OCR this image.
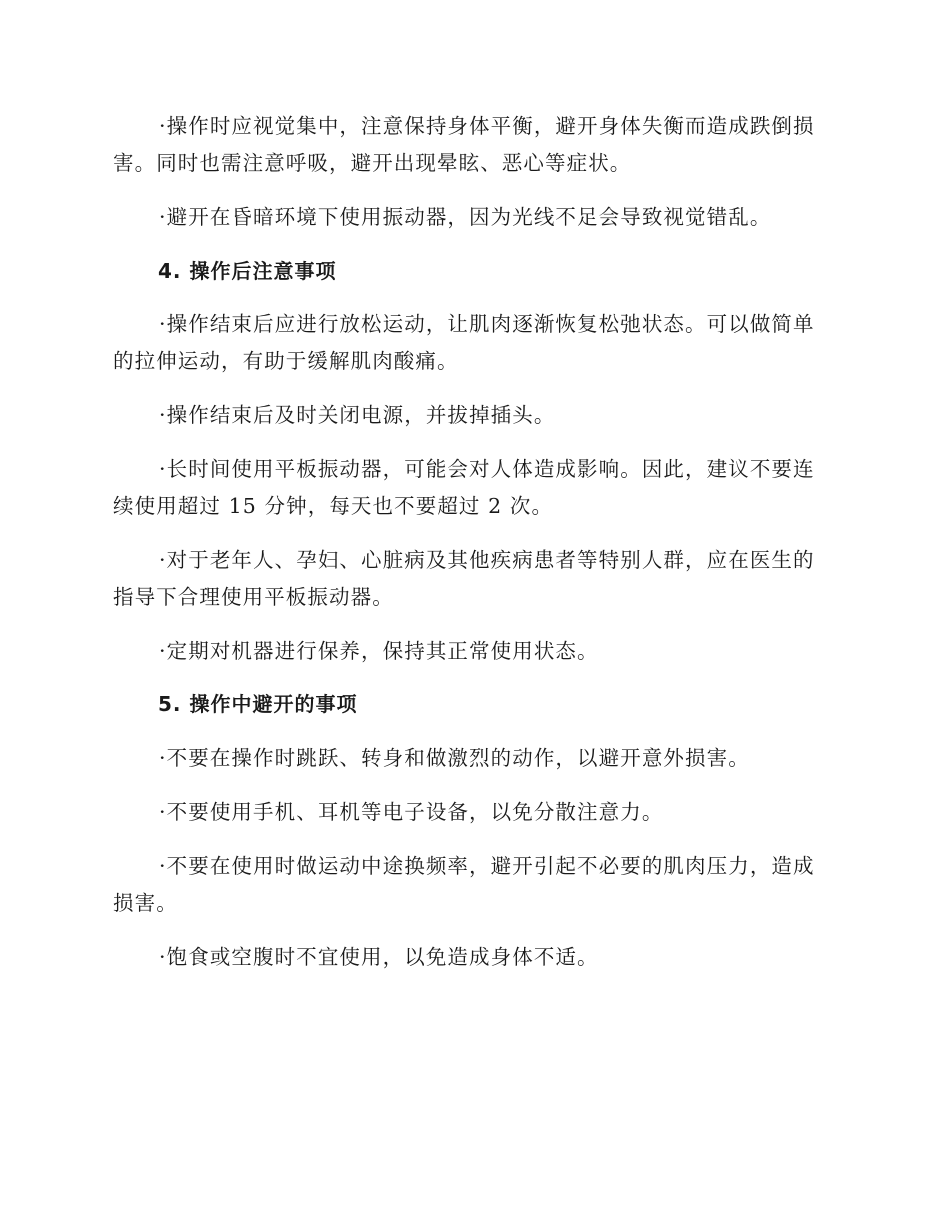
·操作时应视觉集中，注意保持身体平衡，避开身体失衡而造成跌倒损
害。同时也需注意呼吸，避开出现晕眩、恶心等症状。
·避开在昏暗环境下使用振动器，因为光线不足会导致视觉错乱。
4. 操作后注意事项
·操作结束后应进行放松运动，让肌肉逐渐恢复松弛状态。可以做简单
的拉伸运动，有助于缓解肌肉酸痛。
·操作结束后及时关闭电源，并拔掉插头。
·长时间使用平板振动器，可能会对人体造成影响。因此，建议不要连
续使用超过 15 分钟，每天也不要超过 2 次。
·对于老年人、孕妇、心脏病及其他疾病患者等特别人群，应在医生的
指导下合理使用平板振动器。
·定期对机器进行保养，保持其正常使用状态。
5. 操作中避开的事项
·不要在操作时跳跃、转身和做激烈的动作，以避开意外损害。
·不要使用手机、耳机等电子设备，以免分散注意力。
·不要在使用时做运动中途换频率，避开引起不必要的肌肉压力，造成
损害。
·饱食或空腹时不宜使用，以免造成身体不适。
